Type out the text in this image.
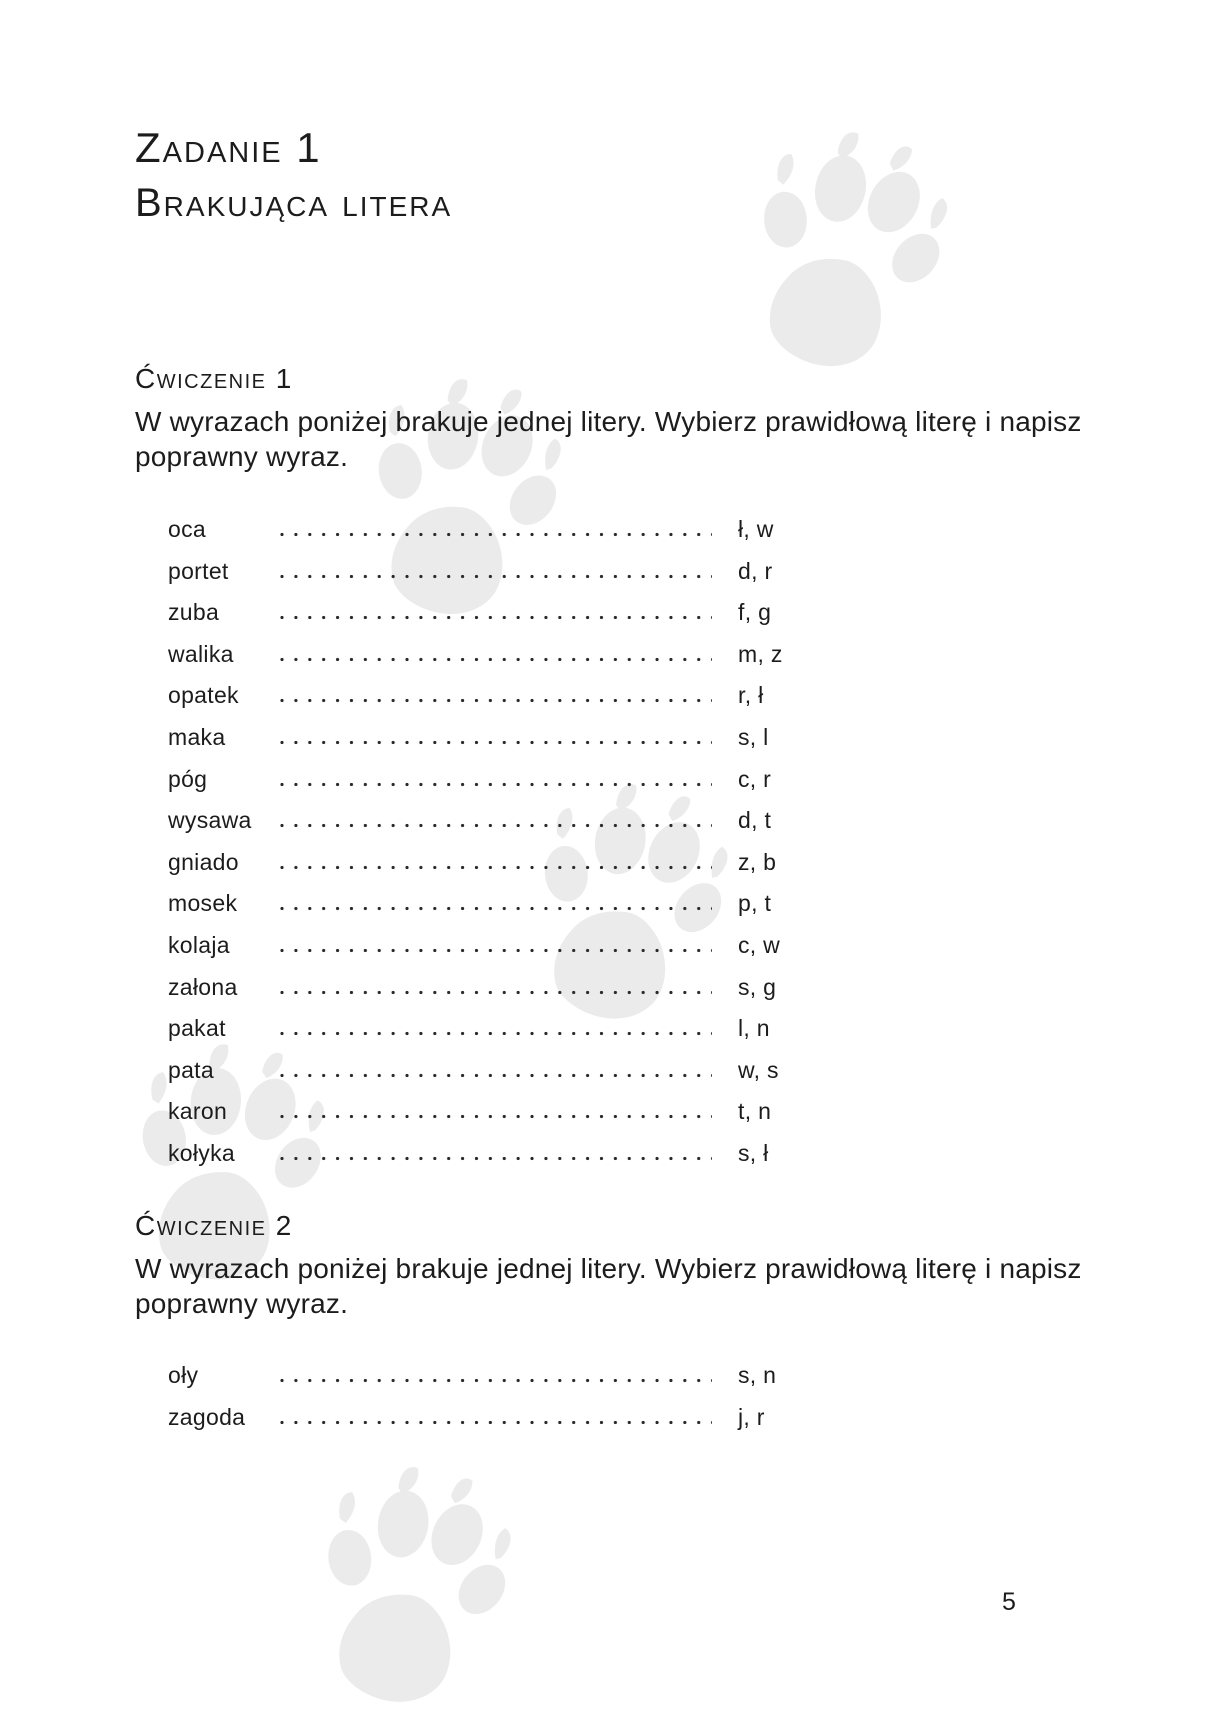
Zadanie 1
Brakująca litera
Ćwiczenie 1
W wyrazach poniżej brakuje jednej litery. Wybierz prawidłową literę i napisz
poprawny wyraz.
oca	ł, w
portet	d, r
zuba	f, g
walika	m, z
opatek	r, ł
maka	s, l
póg	c, r
wysawa	d, t
gniado	z, b
mosek	p, t
kolaja	c, w
załona	s, g
pakat	l, n
pata	w, s
karon	t, n
kołyka	s, ł
Ćwiczenie 2
W wyrazach poniżej brakuje jednej litery. Wybierz prawidłową literę i napisz
poprawny wyraz.
oły	s, n
zagoda	j, r
5
